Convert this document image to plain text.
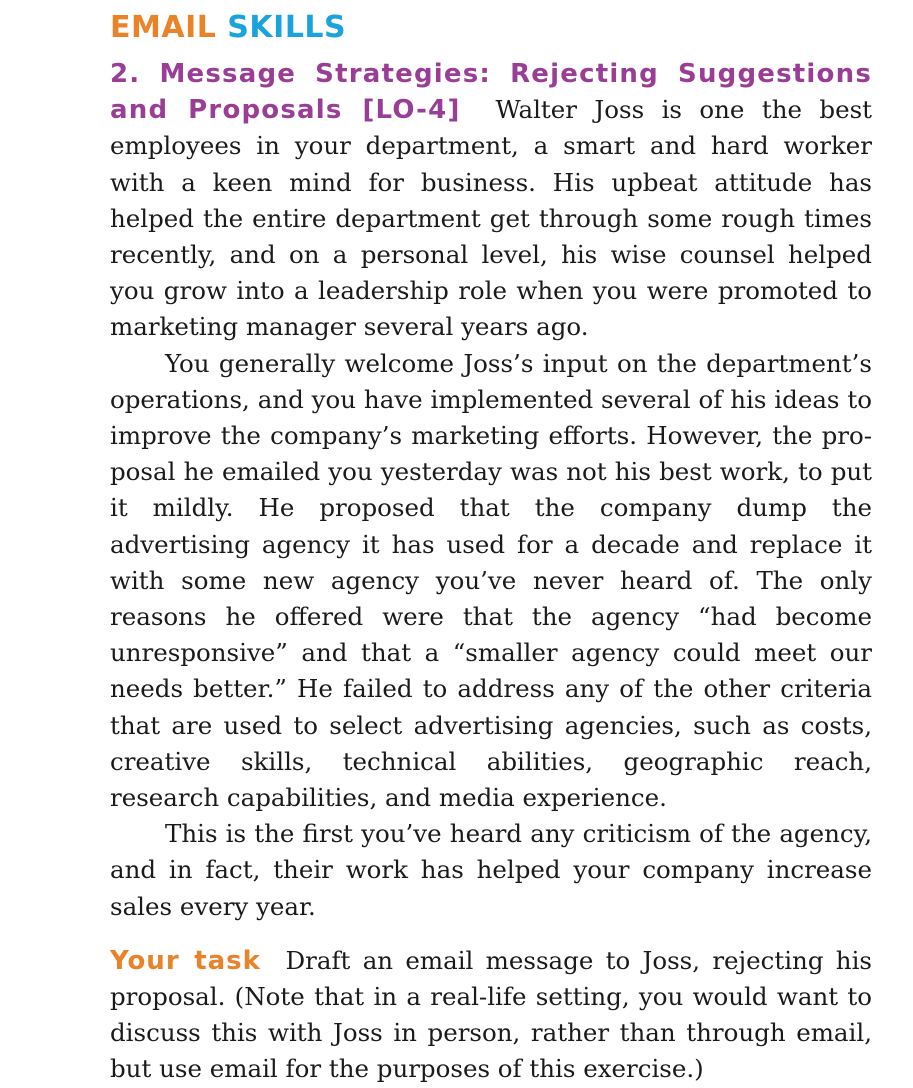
EMAIL SKILLS

2. Message Strategies: Rejecting Suggestions and Proposals [LO-4] Walter Joss is one the best employees in your department, a smart and hard worker with a keen mind for business. His upbeat attitude has helped the entire department get through some rough times recently, and on a personal level, his wise counsel helped you grow into a leadership role when you were promoted to marketing manager several years ago.

You generally welcome Joss’s input on the department’s operations, and you have implemented several of his ideas to improve the company’s marketing efforts. However, the proposal he emailed you yesterday was not his best work, to put it mildly. He proposed that the company dump the advertising agency it has used for a decade and replace it with some new agency you’ve never heard of. The only reasons he offered were that the agency “had become unresponsive” and that a “smaller agency could meet our needs better.” He failed to address any of the other criteria that are used to select advertising agencies, such as costs, creative skills, technical abilities, geographic reach, research capabilities, and media experience.

This is the first you’ve heard any criticism of the agency, and in fact, their work has helped your company increase sales every year.

Your task Draft an email message to Joss, rejecting his proposal. (Note that in a real-life setting, you would want to discuss this with Joss in person, rather than through email, but use email for the purposes of this exercise.)
